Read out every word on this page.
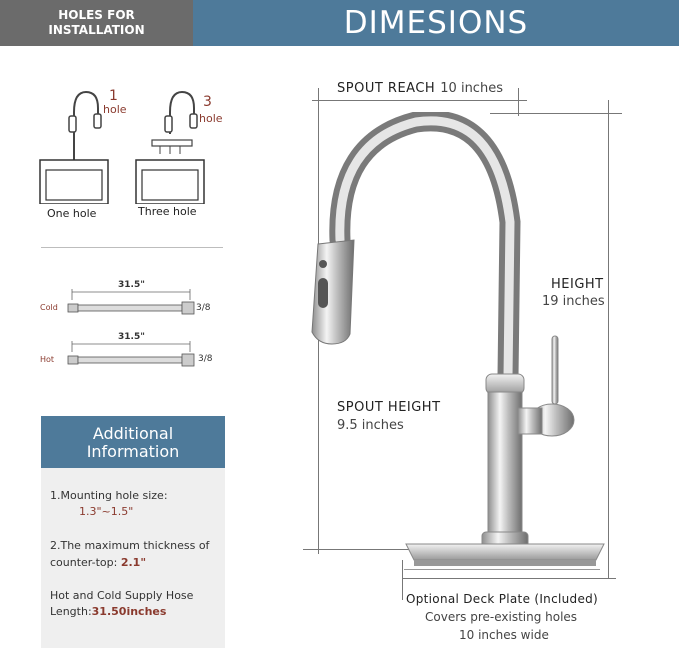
HOLES FOR
INSTALLATION	DIMESIONS
1
hole
One hole
3
hole
Three hole
31.5"
Cold	3/8
31.5"
Hot	3/8
Additional
Information
1.Mounting hole size:
1.3"~1.5"
2.The maximum thickness of
counter-top: 2.1"
Hot and Cold Supply Hose
Length:31.50inches
SPOUT REACH 10 inches
HEIGHT
19 inches
SPOUT HEIGHT
9.5 inches
Optional Deck Plate (Included)
Covers pre-existing holes
10 inches wide
